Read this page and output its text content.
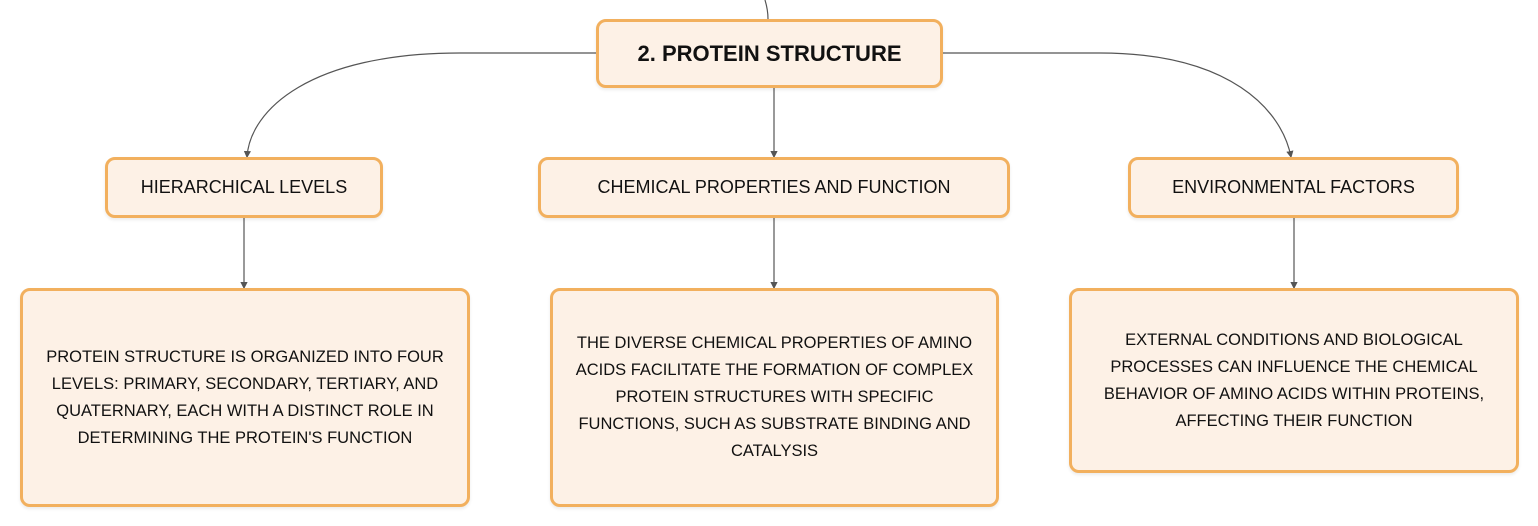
2. PROTEIN STRUCTURE
HIERARCHICAL LEVELS	CHEMICAL PROPERTIES AND FUNCTION	ENVIRONMENTAL FACTORS
PROTEIN STRUCTURE IS ORGANIZED INTO FOUR LEVELS: PRIMARY, SECONDARY, TERTIARY, AND QUATERNARY, EACH WITH A DISTINCT ROLE IN DETERMINING THE PROTEIN'S FUNCTION
THE DIVERSE CHEMICAL PROPERTIES OF AMINO ACIDS FACILITATE THE FORMATION OF COMPLEX PROTEIN STRUCTURES WITH SPECIFIC FUNCTIONS, SUCH AS SUBSTRATE BINDING AND CATALYSIS
EXTERNAL CONDITIONS AND BIOLOGICAL PROCESSES CAN INFLUENCE THE CHEMICAL BEHAVIOR OF AMINO ACIDS WITHIN PROTEINS, AFFECTING THEIR FUNCTION
